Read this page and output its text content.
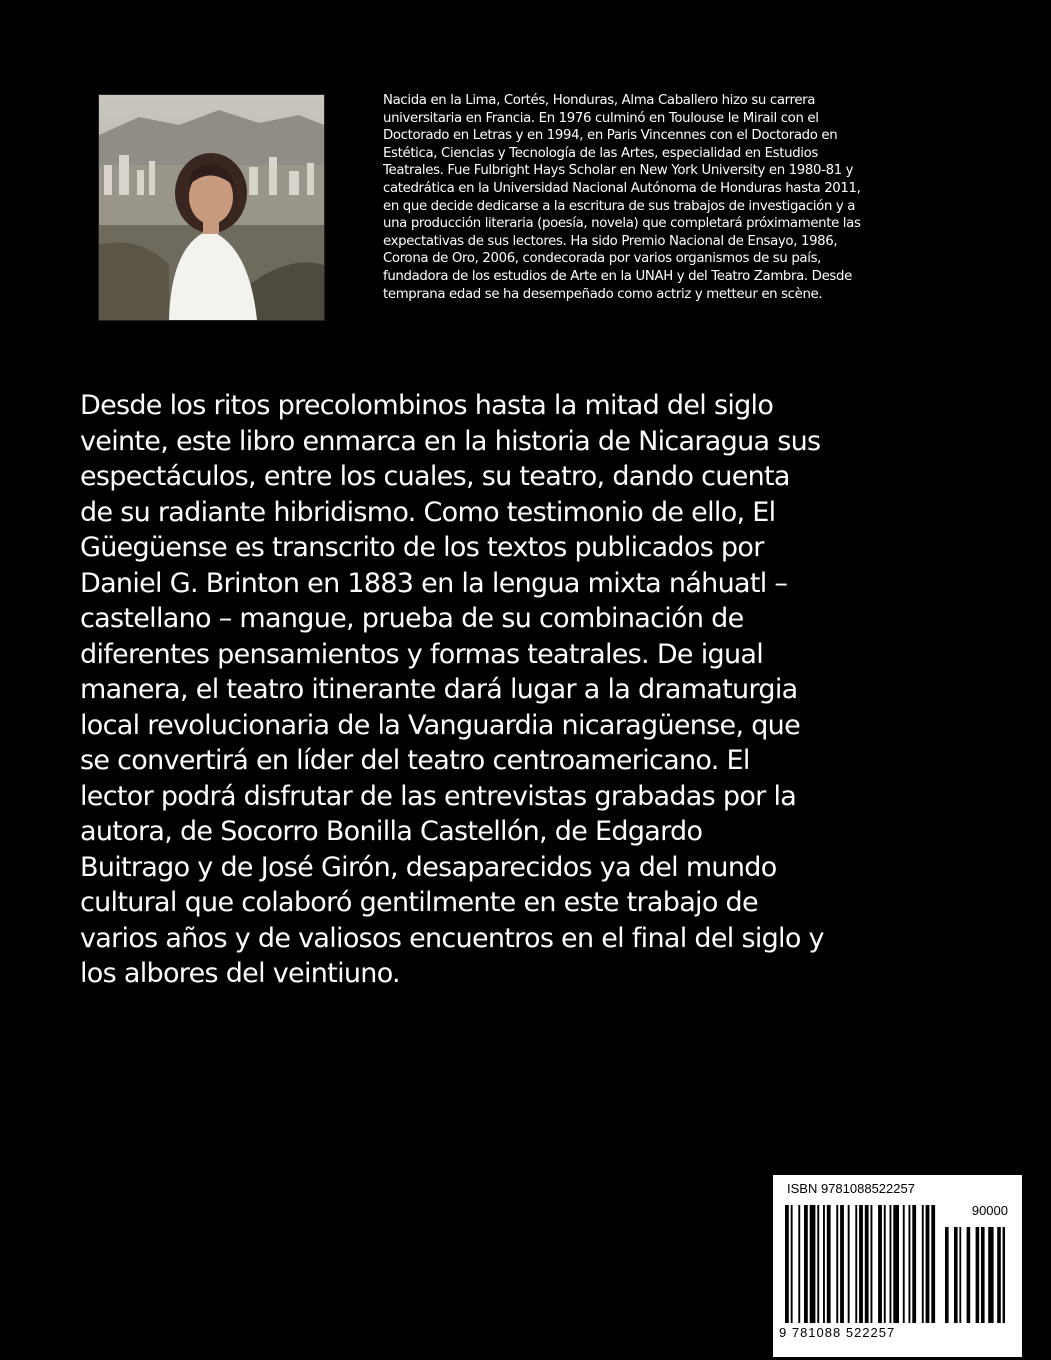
Nacida en la Lima, Cortés, Honduras, Alma Caballero hizo su carrera
universitaria en Francia. En 1976 culminó en Toulouse le Mirail con el
Doctorado en Letras y en 1994, en Paris Vincennes con el Doctorado en
Estética, Ciencias y Tecnología de las Artes, especialidad en Estudios
Teatrales. Fue Fulbright Hays Scholar en New York University en 1980-81 y
catedrática en la Universidad Nacional Autónoma de Honduras hasta 2011,
en que decide dedicarse a la escritura de sus trabajos de investigación y a
una producción literaria (poesía, novela) que completará próximamente las
expectativas de sus lectores. Ha sido Premio Nacional de Ensayo, 1986,
Corona de Oro, 2006, condecorada por varios organismos de su país,
fundadora de los estudios de Arte en la UNAH y del Teatro Zambra. Desde
temprana edad se ha desempeñado como actriz y metteur en scène.
Desde los ritos precolombinos hasta la mitad del siglo
veinte, este libro enmarca en la historia de Nicaragua sus
espectáculos, entre los cuales, su teatro, dando cuenta
de su radiante hibridismo. Como testimonio de ello, El
Güegüense es transcrito de los textos publicados por
Daniel G. Brinton en 1883 en la lengua mixta náhuatl –
castellano – mangue, prueba de su combinación de
diferentes pensamientos y formas teatrales. De igual
manera, el teatro itinerante dará lugar a la dramaturgia
local revolucionaria de la Vanguardia nicaragüense, que
se convertirá en líder del teatro centroamericano. El
lector podrá disfrutar de las entrevistas grabadas por la
autora, de Socorro Bonilla Castellón, de Edgardo
Buitrago y de José Girón, desaparecidos ya del mundo
cultural que colaboró gentilmente en este trabajo de
varios años y de valiosos encuentros en el final del siglo y
los albores del veintiuno.
ISBN 9781088522257
90000
9 781088 522257
